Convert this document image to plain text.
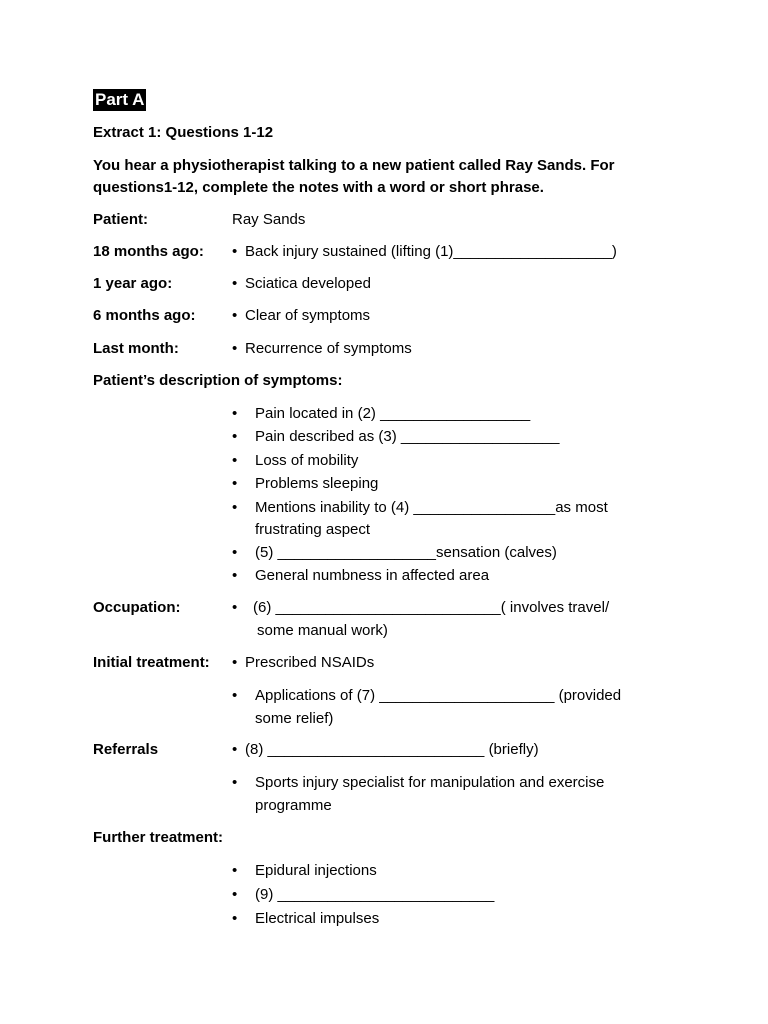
Part A
Extract 1: Questions 1-12
You hear a physiotherapist talking to a new patient called Ray Sands. For
questions1-12, complete the notes with a word or short phrase.
Patient:	Ray Sands
18 months ago: • Back injury sustained (lifting (1)___________________)
1 year ago:	• Sciatica developed
6 months ago: • Clear of symptoms
Last month:	• Recurrence of symptoms
Patient’s description of symptoms:
• Pain located in (2) __________________
• Pain described as (3) ___________________
• Loss of mobility
• Problems sleeping
• Mentions inability to (4) _________________as most
frustrating aspect
• (5) ___________________sensation (calves)
• General numbness in affected area
Occupation:	• (6) ___________________________( involves travel/
some manual work)
Initial treatment: • Prescribed NSAIDs
• Applications of (7) _____________________ (provided
some relief)
Referrals	• (8) __________________________ (briefly)
• Sports injury specialist for manipulation and exercise
programme
Further treatment:
• Epidural injections
• (9) __________________________
• Electrical impulses
